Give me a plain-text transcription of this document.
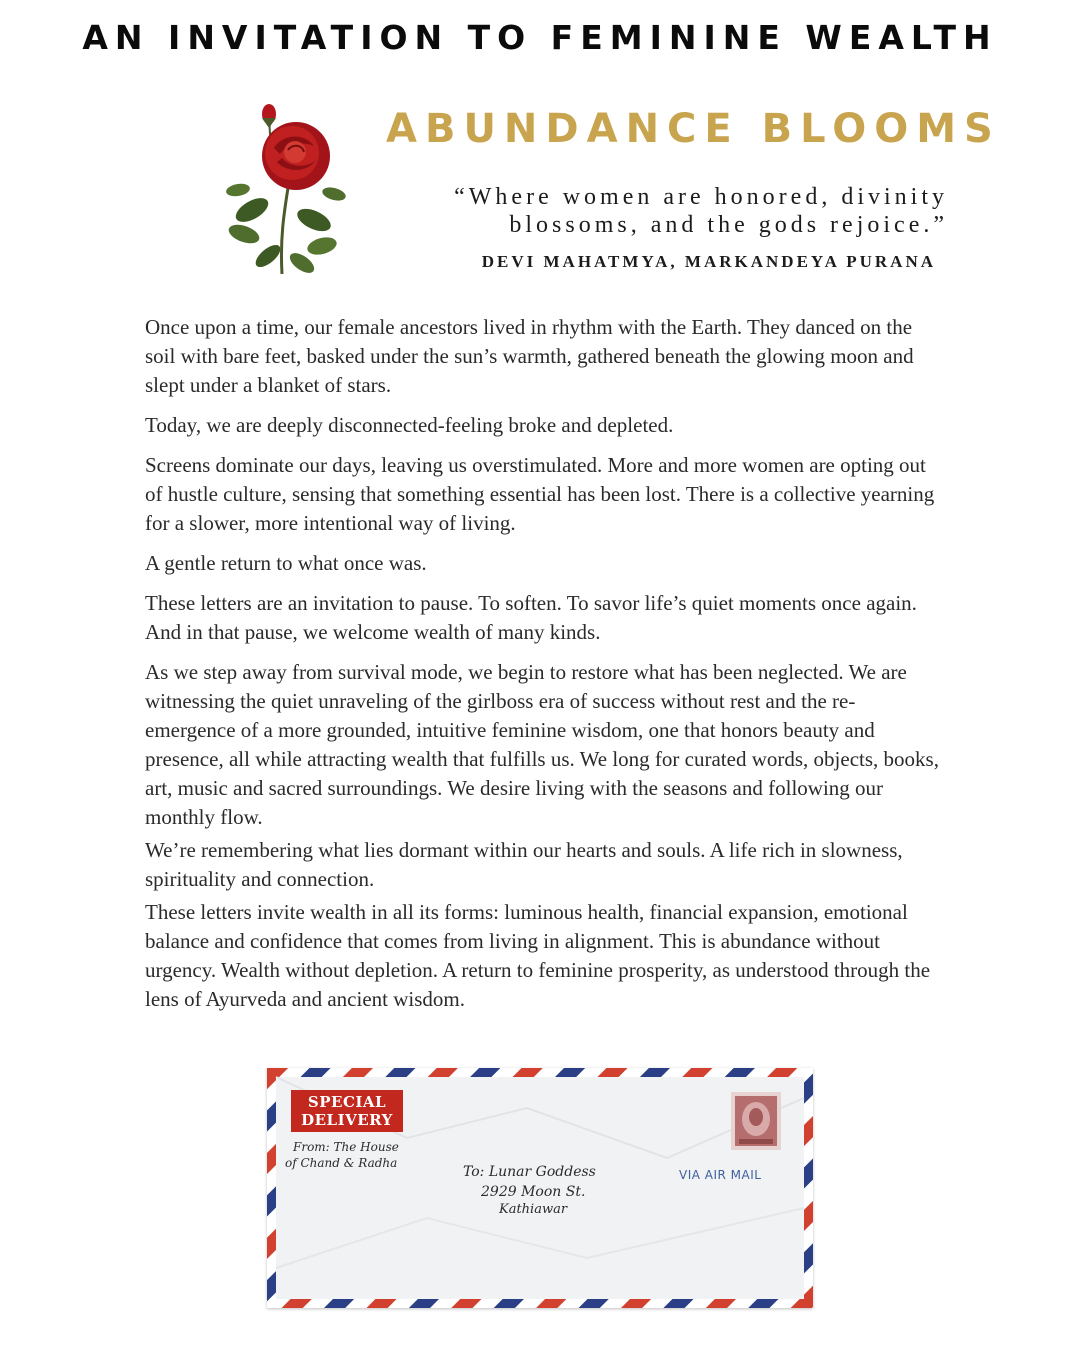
AN INVITATION TO FEMININE WEALTH
ABUNDANCE BLOOMS
“Where women are honored, divinity
blossoms, and the gods rejoice.”
DEVI MAHATMYA, MARKANDEYA PURANA

Once upon a time, our female ancestors lived in rhythm with the Earth. They danced on the soil with bare feet, basked under the sun’s warmth, gathered beneath the glowing moon and slept under a blanket of stars.

Today, we are deeply disconnected-feeling broke and depleted.

Screens dominate our days, leaving us overstimulated. More and more women are opting out of hustle culture, sensing that something essential has been lost. There is a collective yearning for a slower, more intentional way of living.

A gentle return to what once was.

These letters are an invitation to pause. To soften. To savor life’s quiet moments once again. And in that pause, we welcome wealth of many kinds.

As we step away from survival mode, we begin to restore what has been neglected. We are witnessing the quiet unraveling of the girlboss era of success without rest and the re-emergence of a more grounded, intuitive feminine wisdom, one that honors beauty and presence, all while attracting wealth that fulfills us. We long for curated words, objects, books, art, music and sacred surroundings. We desire living with the seasons and following our monthly flow.

We’re remembering what lies dormant within our hearts and souls. A life rich in slowness, spirituality and connection.

These letters invite wealth in all its forms: luminous health, financial expansion, emotional balance and confidence that comes from living in alignment. This is abundance without urgency. Wealth without depletion. A return to feminine prosperity, as understood through the lens of Ayurveda and ancient wisdom.

SPECIAL
DELIVERY
From: The House
of Chand & Radha
To: Lunar Goddess
2929 Moon St.
Kathiawar
VIA AIR MAIL
